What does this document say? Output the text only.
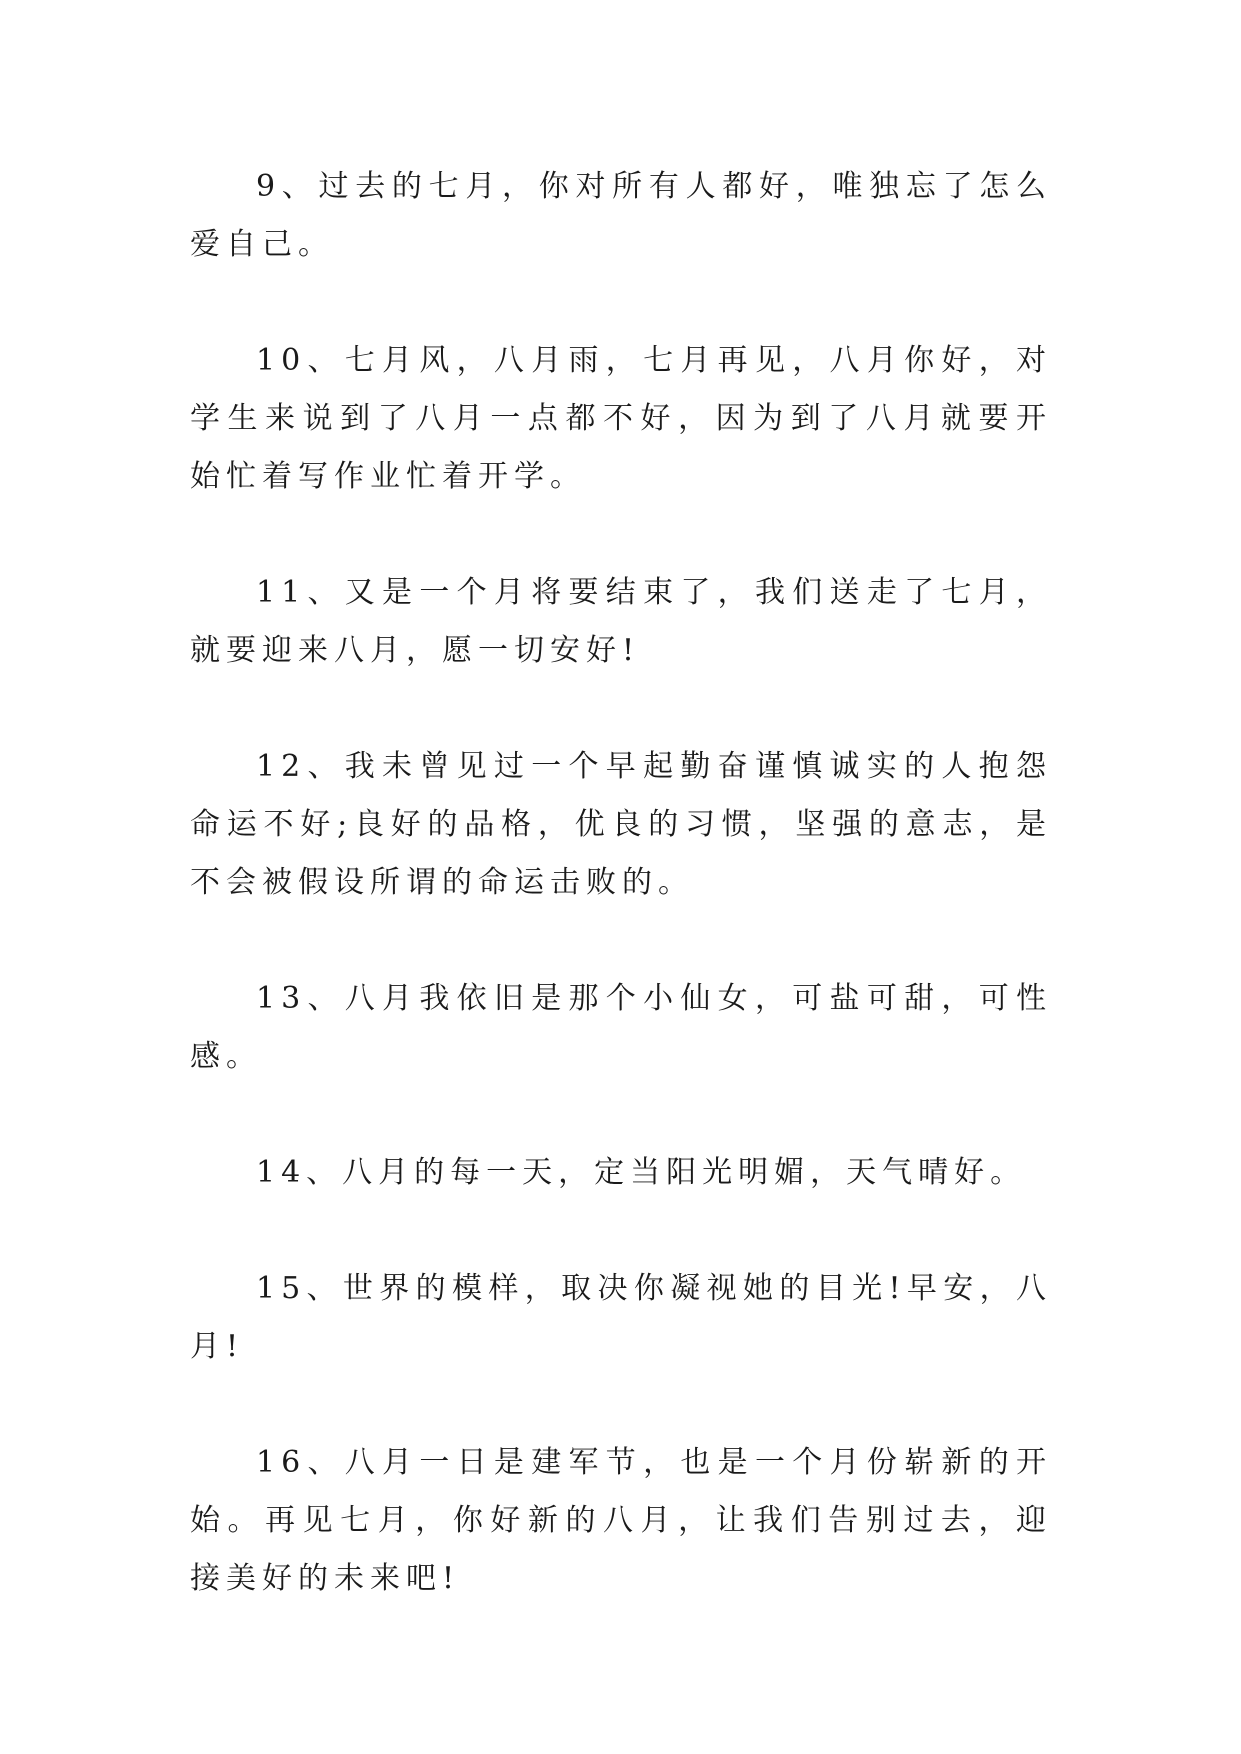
9、过去的七月，你对所有人都好，唯独忘了怎么爱自己。

10、七月风，八月雨，七月再见，八月你好，对学生来说到了八月一点都不好，因为到了八月就要开始忙着写作业忙着开学。

11、又是一个月将要结束了，我们送走了七月，就要迎来八月，愿一切安好!

12、我未曾见过一个早起勤奋谨慎诚实的人抱怨命运不好;良好的品格，优良的习惯，坚强的意志，是不会被假设所谓的命运击败的。

13、八月我依旧是那个小仙女，可盐可甜，可性感。

14、八月的每一天，定当阳光明媚，天气晴好。

15、世界的模样，取决你凝视她的目光!早安，八月!

16、八月一日是建军节，也是一个月份崭新的开始。再见七月，你好新的八月，让我们告别过去，迎接美好的未来吧!
